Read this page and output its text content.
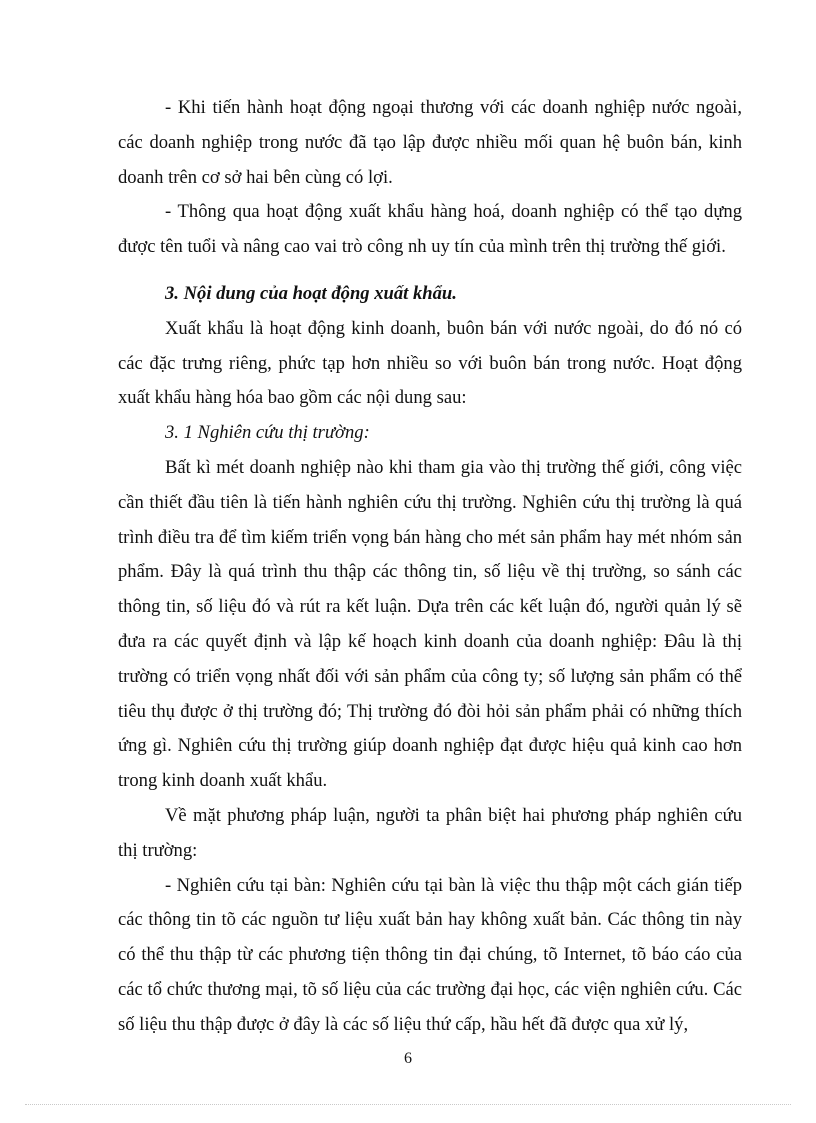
- Khi tiến hành hoạt động ngoại thương với các doanh nghiệp nước ngoài, các doanh nghiệp trong nước đã tạo lập được nhiều mối quan hệ buôn bán, kinh doanh trên cơ sở hai bên cùng có lợi.

- Thông qua hoạt động xuất khẩu hàng hoá, doanh nghiệp có thể tạo dựng được tên tuổi và nâng cao vai trò công nh uy tín của mình trên thị trường thế giới.

3. Nội dung của hoạt động xuất khẩu.

Xuất khẩu là hoạt động kinh doanh, buôn bán với nước ngoài, do đó nó có các đặc trưng riêng, phức tạp hơn nhiều so với buôn bán trong nước. Hoạt động xuất khẩu hàng hóa bao gồm các nội dung sau:

3. 1 Nghiên cứu thị trường:

Bất kì mét doanh nghiệp nào khi tham gia vào thị trường thế giới, công việc cần thiết đầu tiên là tiến hành nghiên cứu thị trường. Nghiên cứu thị trường là quá trình điều tra để tìm kiếm triển vọng bán hàng cho mét sản phẩm hay mét nhóm sản phẩm. Đây là quá trình thu thập các thông tin, số liệu về thị trường, so sánh các thông tin, số liệu đó và rút ra kết luận. Dựa trên các kết luận đó, người quản lý sẽ đưa ra các quyết định và lập kế hoạch kinh doanh của doanh nghiệp: Đâu là thị trường có triển vọng nhất đối với sản phẩm của công ty; số lượng sản phẩm có thể tiêu thụ được ở thị trường đó; Thị trường đó đòi hỏi sản phẩm phải có những thích ứng gì. Nghiên cứu thị trường giúp doanh nghiệp đạt được hiệu quả kinh cao hơn trong kinh doanh xuất khẩu.

Về mặt phương pháp luận, người ta phân biệt hai phương pháp nghiên cứu thị trường:

- Nghiên cứu tại bàn: Nghiên cứu tại bàn là việc thu thập một cách gián tiếp các thông tin tõ các nguồn tư liệu xuất bản hay không xuất bản. Các thông tin này có thể thu thập từ các phương tiện thông tin đại chúng, tõ Internet, tõ báo cáo của các tổ chức thương mại, tõ số liệu của các trường đại học, các viện nghiên cứu. Các số liệu thu thập được ở đây là các số liệu thứ cấp, hầu hết đã được qua xử lý,

6
